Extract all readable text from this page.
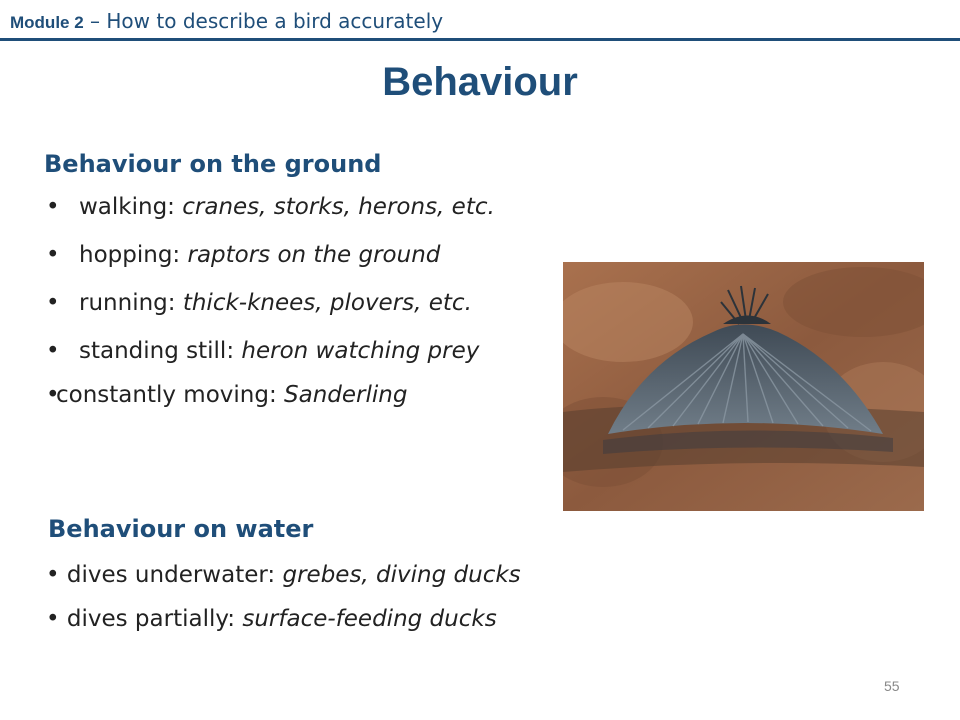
Module 2 – How to describe a bird accurately
Behaviour
Behaviour on the ground
• walking: cranes, storks, herons, etc.
• hopping: raptors on the ground
• running: thick-knees, plovers, etc.
• standing still: heron watching prey
•constantly moving: Sanderling
Behaviour on water
• dives underwater: grebes, diving ducks
• dives partially: surface-feeding ducks
55
